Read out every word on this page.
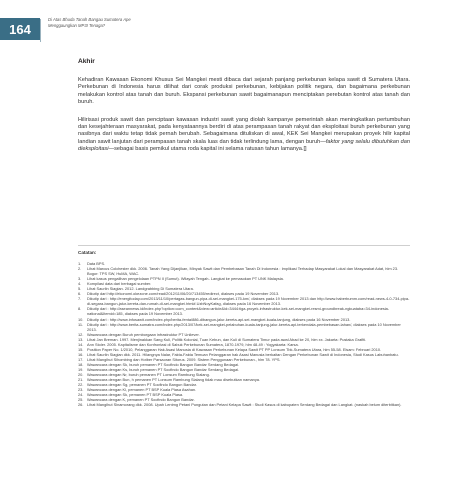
164
Di Atas Bhuda Tanah Bangau Sumatera Ape
Menggaungkan MP3I Tenaga?
Akhir

Kehadiran Kawasan Ekonomi Khusus Sei Mangkei mesti dibaca dari sejarah panjang perkebunan kelapa sawit di Sumatera Utara. Perkebunan di Indonesia harus dilihat dari corak produksi perkebunan, kebijakan politik negara, dan bagaimana perkebunan melakukan kontrol atas tanah dan buruh. Ekspansi perkebunan sawit bagaimanapun menciptakan perebutan kontrol atas tanah dan buruh.

Hilirisasi produk sawit dan penciptaan kawasan industri sawit yang diolah kampanye pemerintah akan meningkatkan pertumbuhan dan kesejahteraan masyarakat, pada kenyataannya berdiri di atas perampasan tanah rakyat dan eksploitasi buruh perkebunan yang nasibnya dari waktu tetap tidak pernah berubah. Sebagaimana dituliskan di awal, KEK Sei Mangkei merupakan proyek hilir kapital landian sawit lanjutan dari perampasan tanah skala luas dan tidak terlindung lama, dengan buruh—faktor yang selalu dibutuhkan dan dieksploitasi—sebagai basis pemikul utama roda kapital ini selama ratusan tahun lamanya.[]

Catatan:
1.	Data BPS.
2.	Lihat Marcus Colchester dkk. 2006. Tanah Yang Dijanjikan, Minyak Sawit dan Pembebasan Tanah Di Indonesia : Implikasi Terhadap Masyarakat Lokal dan Masyarakat Adat, hlm 23. Bogor: TPS SW, HuMA, WAC.
3.	Lihat kasus pengalihan pengelolaan PTPN II (Sumut). Wilayah Tengah- Langkat ke pemasokan PT UNK Malaysia.
4.	Kompilasi data dari berbagai sumber.
5.	Lihat Saurlin Siagian. 2012. Landgrabbing Di Sumatera Utara.
6.	Dikutip dari http://ekonomi.okezone.com/read/2012/11/06/20/713455/redirect, diakses pada 19 November 2013.
7.	Dikutip dari : http://energitoday.com/2013/11/10/pertagas-bangun-pipa-di-sei-mangkei-175-km/, diakses pada 19 November 2013 dan http://www.haberbumm.com/read-news-4-0-734-pipa-di-segara-bangun-jalur-kereta-dan-rumah-di-sei-mangkei.html#.UzbNoyKafag, diakses pada 16 November 2013.
8.	Dikutip dari : http://aseannews.id/index.php?option=com_content&view=article&id=3444:tiga-proyek-infrastruktur-kek-sei-mangkei-resmi-groundbreak-ngkuataba=34-indonesia-national&Itemid=185, diakses pada 19 November 2013.
10. Dikutip dari : http://www.infosawit.com/index.php/berita-fenta/886-dibangun-jalur-kereta-api-sei-mangkei-kuala-tanjung, diakses pada 16 November 2013.
11. Dikutip dari : http://www.berita-sumatra.com/index.php/2013/07/kek-sei-mangkei-pelabuhan-kuala-tanjung-jalur-kereta-api-terkendala-pembebasan-lahan/, diakses pada 10 November 2013.
12. Wawancara dengan Buruh pemborgaan infrastruktur PT Unilever.
13. Lihat Jan Breman. 1997. Menjinakkan Sang Kuli, Politik Kolonial, Tuan Kebun, dan Kuli di Sumatera Timur pada awal Abad ke 20, hlm xx. Jakarta: Pustaka Grafiti.
14. Ann Stoler. 2005. Kapitalisme dan Konfrontasi di Sabuk Perkebunan Sumatera, 1870-1979, hlm 48-49 : Yogyakarta: Karsa.
15. Position Paper No. 1/2010, Pelanggaran Hak Asasi Manusia di Kawasan Perkebunan Kelapa Sawit PT PP Lonsum Tbk-Sumatera Utara, hlm 55-58. Elsam: Februari 2010.
16. Lihat Saurlin Siagian dkk. 2011. Hilangnya Nalar, Fakta-Fakta Temuan Pelanggaran hak Asasi Manusia berkaitan Dengan Perkebunan Sawit di Indonesia, Studi Kasus Labuhanbatu.
17. Lihat Mangihut Sihombing dan Hotber Parsaoran Sitorus. 2009. Sistem Penggunaan Perkebunan., hlm 78. YPS.
18. Wawancara dengan Sk, buruh pemanen PT Socfindo Bangun Bandar Serdang Bedagai.
19. Wawancara dengan Ks, buruh pemanen PT Socfindo Bangun Bandar Serdang Bedagai.
20. Wawancara dengan Nr, buruh pemanen PT Lonsum Rambung Sialang.
21. Wawancara dengan Bun, h pemanen PT Lonsum Rambung Sialang tidak mau disebutkan namanya.
22. Wawancara dengan Sg, pemanen PT Socfindo Bangun Bandar.
23. Wawancara dengan Kl, pemanen PT BSP Kuala Piasa Asahan.
24. Wawancara dengan Sk, pemanen PT BSP Kuala Piasa.
25. Wawancara dengan K, pemanen PT Socfindo Bangun Bandar.
26. Lihat Mangihut Sinamorang dkk. 2008. Upah Lentmg Petani Pungutan dan Petani Kelapa Sawit : Studi Kasus di kabupaten Serdang Bedagai dan Langkat. (naskah belum diterbitkan).
